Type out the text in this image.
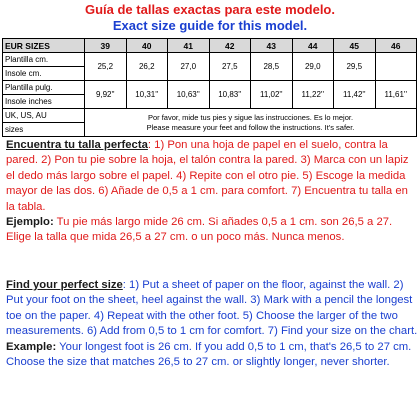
Guía de tallas exactas para este modelo.
Exact size guide for this model.
EUR SIZES	39	40	41	42	43	44	45	46
Plantilla cm.	25,2	26,2	27,0	27,5	28,5	29,0	29,5	
Insole cm.								
Plantilla pulg.	9,92''	10,31''	10,63''	10,83''	11,02''	11,22''	11,42''	11,61''
Insole inches								
UK, US, AU	Por favor, mide tus pies y sigue las instrucciones. Es lo mejor.
Please measure your feet and follow the instructions. It's safer.							

sizes								
Encuentra tu talla perfecta: 1) Pon una hoja de papel en el suelo, contra la pared. 2) Pon tu pie sobre la hoja, el talón contra la pared. 3) Marca con un lapiz el dedo más largo sobre el papel. 4) Repite con el otro pie. 5) Escoge la medida mayor de las dos. 6) Añade de 0,5 a 1 cm. para comfort. 7) Encuentra tu talla en la tabla.
Ejemplo: Tu pie más largo mide 26 cm. Si añades 0,5 a 1 cm. son 26,5 a 27. Elige la talla que mida 26,5 a 27 cm. o un poco más. Nunca menos.
Find your perfect size: 1) Put a sheet of paper on the floor, against the wall. 2) Put your foot on the sheet, heel against the wall. 3) Mark with a pencil the longest toe on the paper. 4) Repeat with the other foot. 5) Choose the larger of the two measurements. 6) Add from 0,5 to 1 cm for comfort. 7) Find your size on the chart.
Example: Your longest foot is 26 cm. If you add 0,5 to 1 cm, that's 26,5 to 27 cm. Choose the size that matches 26,5 to 27 cm. or slightly longer, never shorter.
